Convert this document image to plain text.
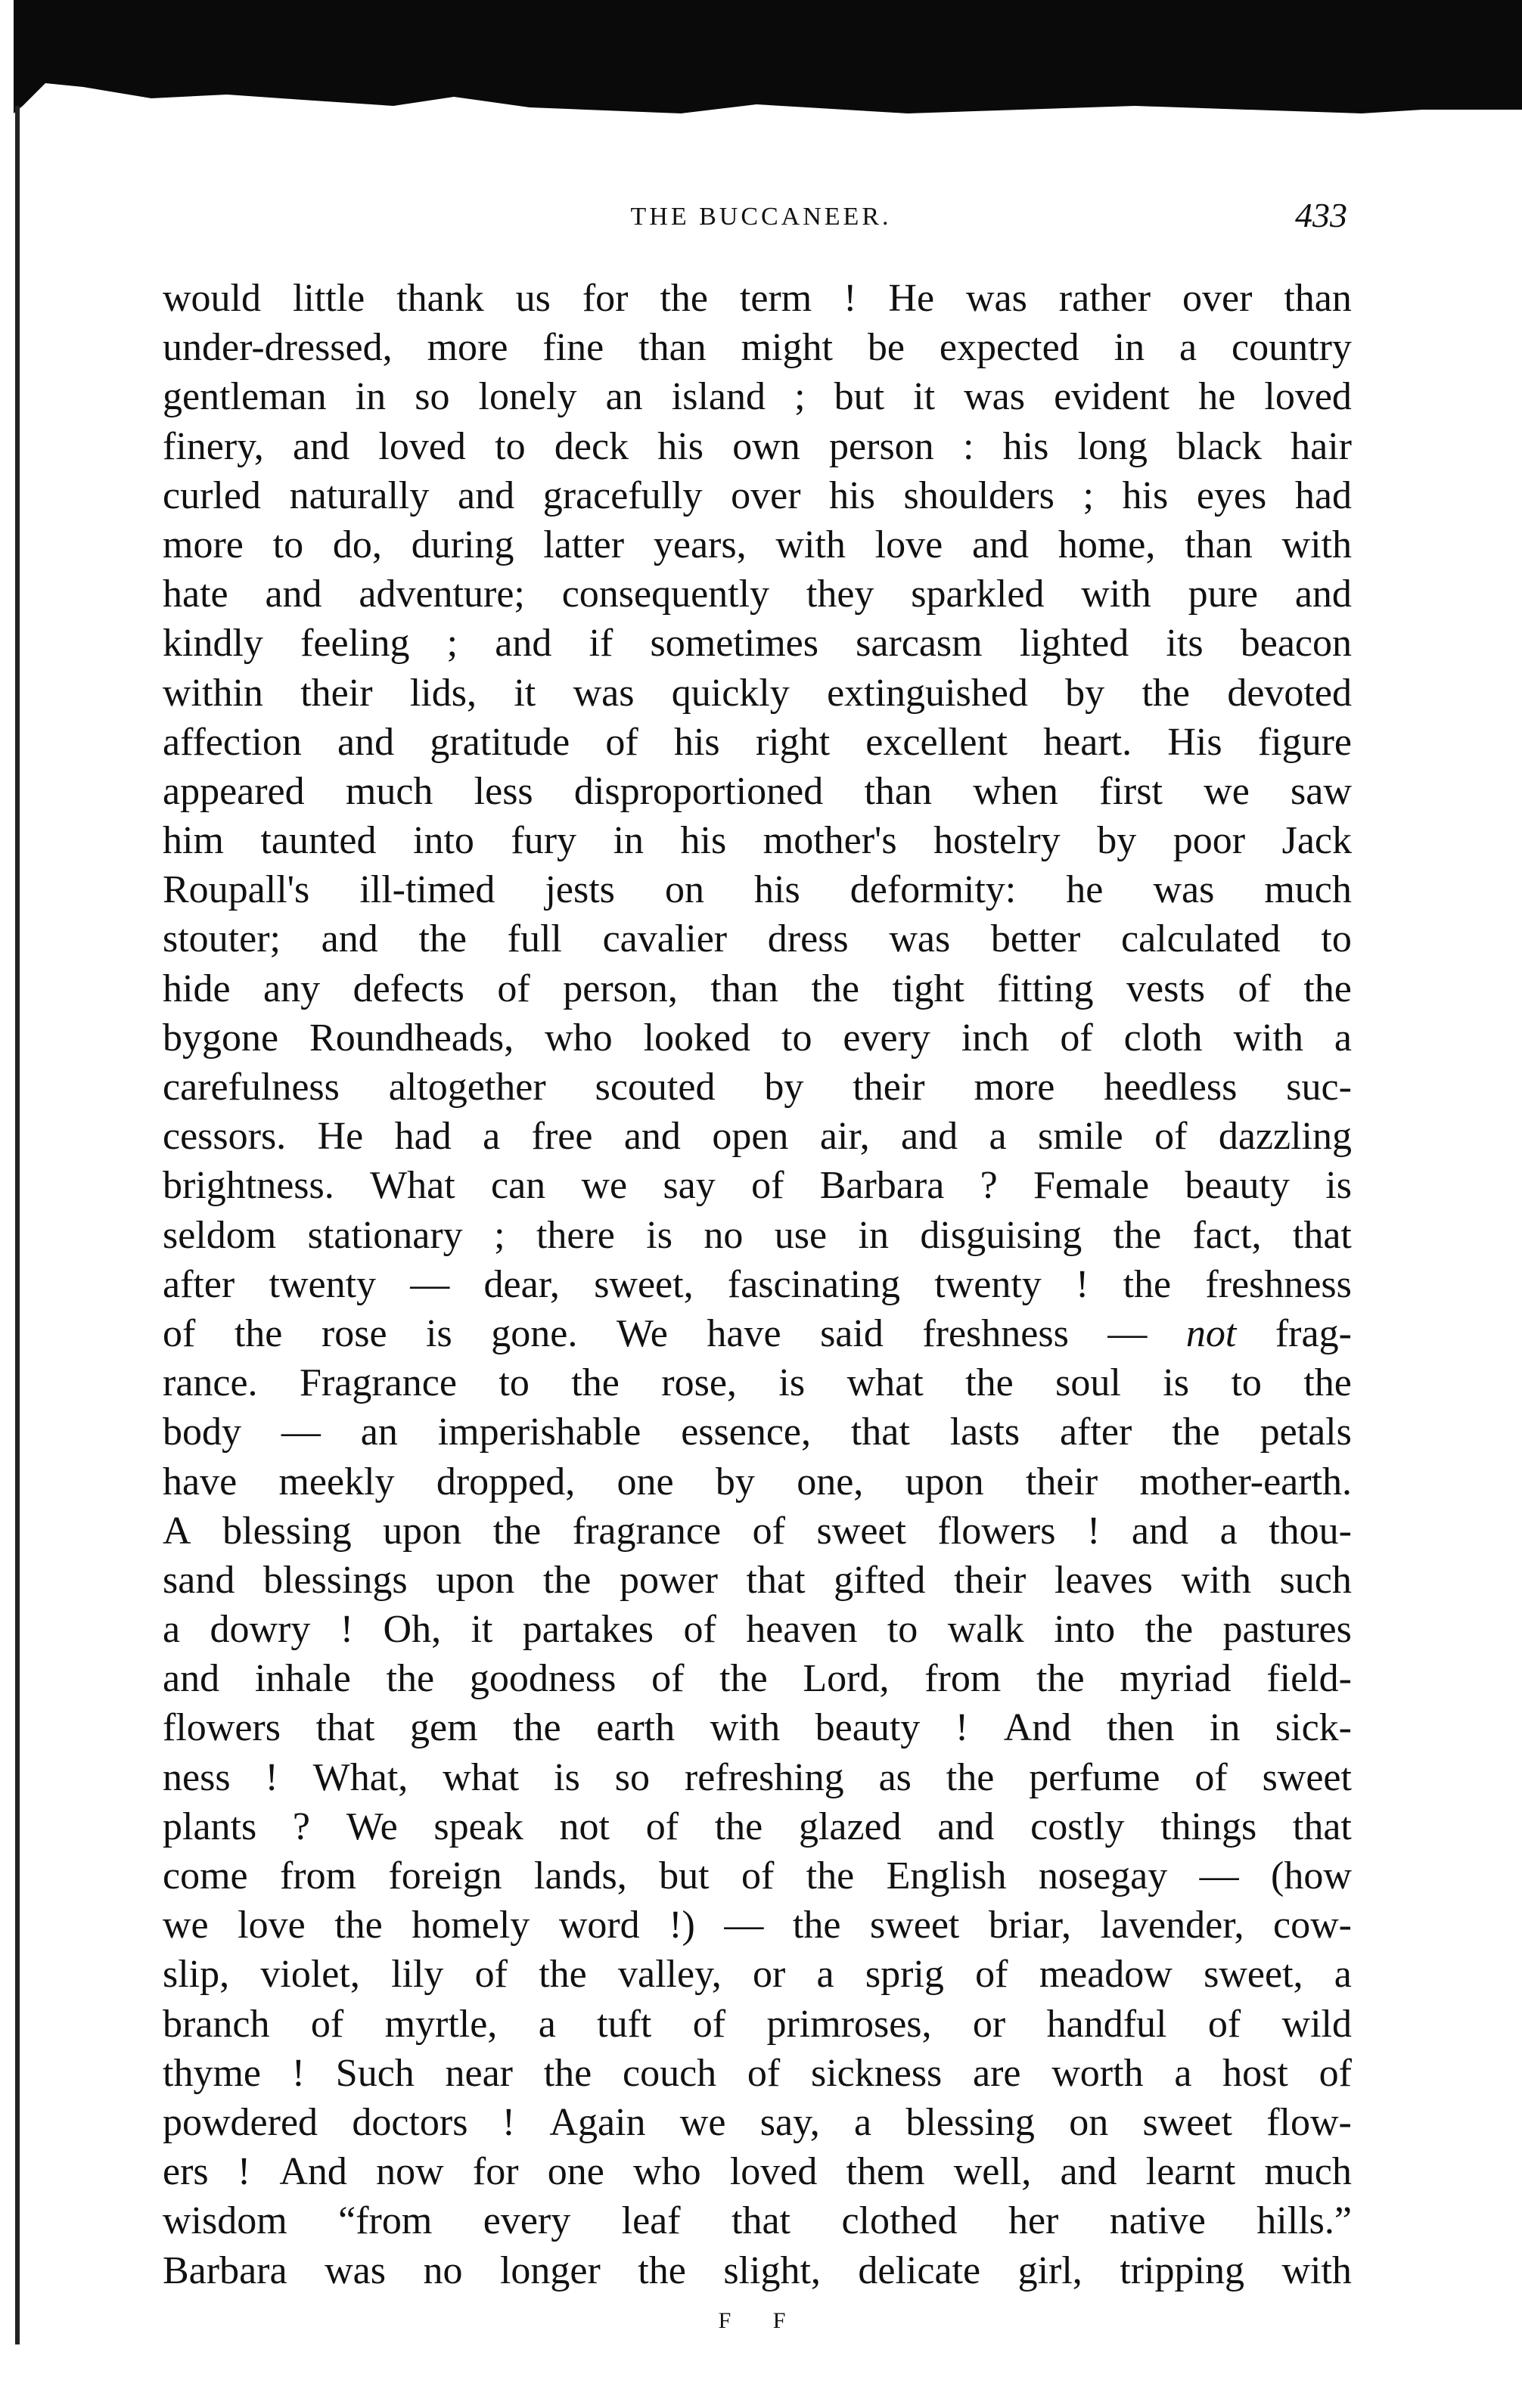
THE BUCCANEER.	433
would little thank us for the term ! He was rather over than
under-dressed, more fine than might be expected in a country
gentleman in so lonely an island ; but it was evident he loved
finery, and loved to deck his own person : his long black hair
curled naturally and gracefully over his shoulders ; his eyes had
more to do, during latter years, with love and home, than with
hate and adventure; consequently they sparkled with pure and
kindly feeling ; and if sometimes sarcasm lighted its beacon
within their lids, it was quickly extinguished by the devoted
affection and gratitude of his right excellent heart. His figure
appeared much less disproportioned than when first we saw
him taunted into fury in his mother's hostelry by poor Jack
Roupall's ill-timed jests on his deformity: he was much
stouter; and the full cavalier dress was better calculated to
hide any defects of person, than the tight fitting vests of the
bygone Roundheads, who looked to every inch of cloth with a
carefulness altogether scouted by their more heedless suc-
cessors. He had a free and open air, and a smile of dazzling
brightness. What can we say of Barbara ? Female beauty is
seldom stationary ; there is no use in disguising the fact, that
after twenty — dear, sweet, fascinating twenty ! the freshness
of the rose is gone. We have said freshness — not frag-
rance. Fragrance to the rose, is what the soul is to the
body — an imperishable essence, that lasts after the petals
have meekly dropped, one by one, upon their mother-earth.
A blessing upon the fragrance of sweet flowers ! and a thou-
sand blessings upon the power that gifted their leaves with such
a dowry ! Oh, it partakes of heaven to walk into the pastures
and inhale the goodness of the Lord, from the myriad field-
flowers that gem the earth with beauty ! And then in sick-
ness ! What, what is so refreshing as the perfume of sweet
plants ? We speak not of the glazed and costly things that
come from foreign lands, but of the English nosegay — (how
we love the homely word !) — the sweet briar, lavender, cow-
slip, violet, lily of the valley, or a sprig of meadow sweet, a
branch of myrtle, a tuft of primroses, or handful of wild
thyme ! Such near the couch of sickness are worth a host of
powdered doctors ! Again we say, a blessing on sweet flow-
ers ! And now for one who loved them well, and learnt much
wisdom “from every leaf that clothed her native hills.”
Barbara was no longer the slight, delicate girl, tripping with
F F
